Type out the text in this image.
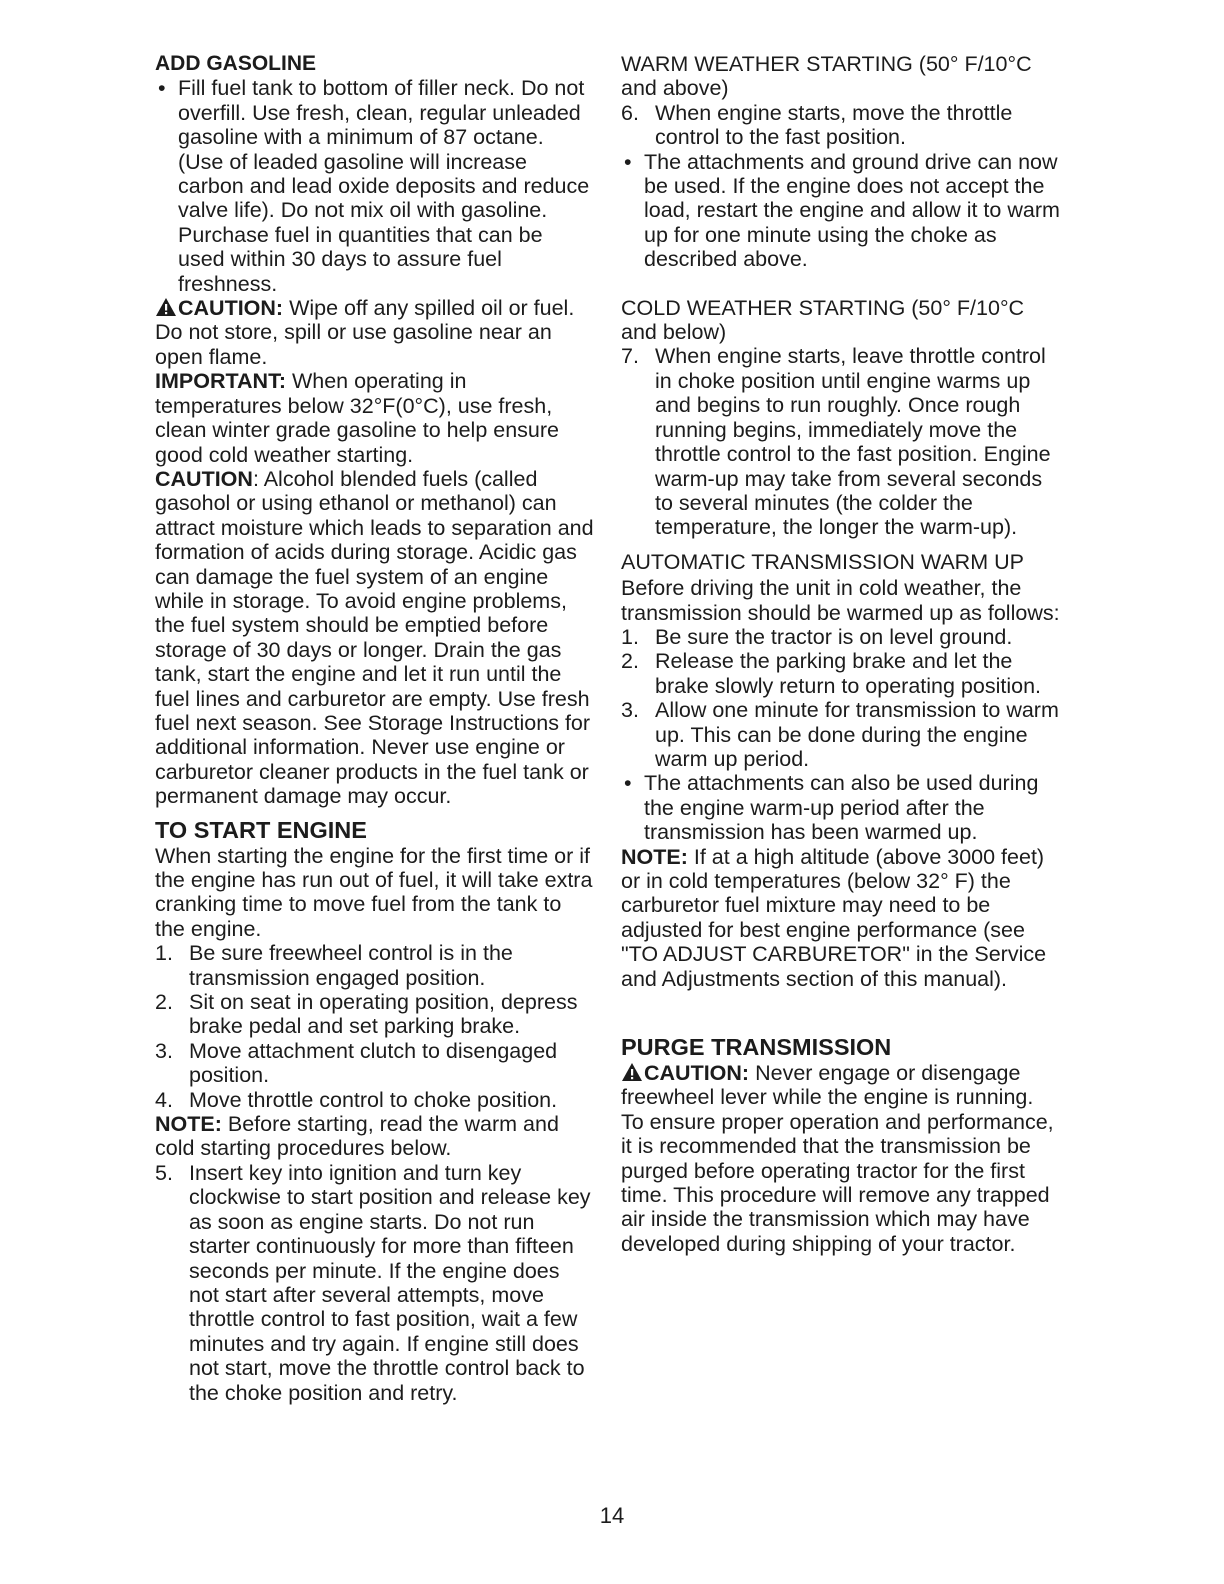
ADD GASOLINE

• Fill fuel tank to bottom of filler neck. Do not overfill. Use fresh, clean, regular unleaded gasoline with a minimum of 87 octane. (Use of leaded gasoline will increase carbon and lead oxide deposits and reduce valve life). Do not mix oil with gasoline. Purchase fuel in quantities that can be used within 30 days to assure fuel freshness.

CAUTION: Wipe off any spilled oil or fuel. Do not store, spill or use gasoline near an open flame.

IMPORTANT: When operating in temperatures below 32°F(0°C), use fresh, clean winter grade gasoline to help ensure good cold weather starting.

CAUTION: Alcohol blended fuels (called gasohol or using ethanol or methanol) can attract moisture which leads to separation and formation of acids during storage. Acidic gas can damage the fuel system of an engine while in storage. To avoid engine problems, the fuel system should be emptied before storage of 30 days or longer. Drain the gas tank, start the engine and let it run until the fuel lines and carburetor are empty. Use fresh fuel next season. See Storage Instructions for additional information. Never use engine or carburetor cleaner products in the fuel tank or permanent damage may occur.

TO START ENGINE

When starting the engine for the first time or if the engine has run out of fuel, it will take extra cranking time to move fuel from the tank to the engine.

1. Be sure freewheel control is in the transmission engaged position.

2. Sit on seat in operating position, depress brake pedal and set parking brake.

3. Move attachment clutch to disengaged position.

4. Move throttle control to choke position.

NOTE: Before starting, read the warm and cold starting procedures below.

5. Insert key into ignition and turn key clockwise to start position and release key as soon as engine starts. Do not run starter continuously for more than fifteen seconds per minute. If the engine does not start after several attempts, move throttle control to fast position, wait a few minutes and try again. If engine still does not start, move the throttle control back to the choke position and retry.

WARM WEATHER STARTING (50° F/10°C and above)

6. When engine starts, move the throttle control to the fast position.

• The attachments and ground drive can now be used. If the engine does not accept the load, restart the engine and allow it to warm up for one minute using the choke as described above.

COLD WEATHER STARTING (50° F/10°C and below)

7. When engine starts, leave throttle control in choke position until engine warms up and begins to run roughly. Once rough running begins, immediately move the throttle control to the fast position. Engine warm-up may take from several seconds to several minutes (the colder the temperature, the longer the warm-up).

AUTOMATIC TRANSMISSION WARM UP

Before driving the unit in cold weather, the transmission should be warmed up as follows:

1. Be sure the tractor is on level ground.

2. Release the parking brake and let the brake slowly return to operating position.

3. Allow one minute for transmission to warm up. This can be done during the engine warm up period.

• The attachments can also be used during the engine warm-up period after the transmission has been warmed up.

NOTE: If at a high altitude (above 3000 feet) or in cold temperatures (below 32° F) the carburetor fuel mixture may need to be adjusted for best engine performance (see "TO ADJUST CARBURETOR" in the Service and Adjustments section of this manual).

PURGE TRANSMISSION

CAUTION: Never engage or disengage freewheel lever while the engine is running.

To ensure proper operation and performance, it is recommended that the transmission be purged before operating tractor for the first time. This procedure will remove any trapped air inside the transmission which may have developed during shipping of your tractor.

14
